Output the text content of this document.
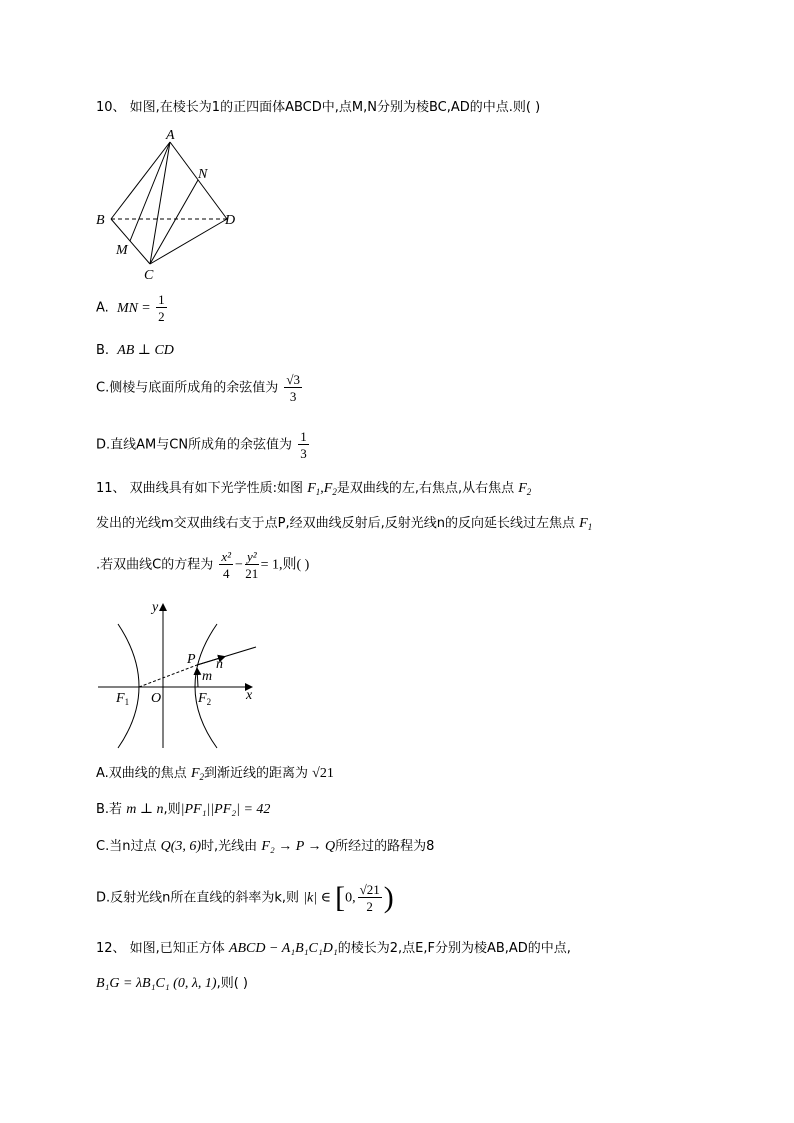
10、 如图,在棱长为1的正四面体ABCD中,点M,N分别为棱BC,AD的中点.则( )
A
B
C
D
M
N
A. MN = $\frac{1}{2}$
B. AB ⊥ CD
C.侧棱与底面所成角的余弦值为 $\frac{√3}{3}$
D.直线AM与CN所成角的余弦值为 $\frac{1}{3}$
11、 双曲线具有如下光学性质:如图 $F_1,F_2$是双曲线的左,右焦点,从右焦点 $F_2$
发出的光线m交双曲线右支于点P,经双曲线反射后,反射光线n的反向延长线过左焦点 $F_1$
.若双曲线C的方程为 $\frac{\text{x²}}{4} - \frac{\text{y²}}{21} = 1$,则( )
y
x
P
m
n
O
$F_1$	$F_2$
A.双曲线的焦点 $F_2$到渐近线的距离为 √21
B.若 m ⊥ n,则|PF₁||PF₂| = 42
C.当n过点 Q(3, 6)时,光线由 F₂ → P → Q所经过的路程为8
D.反射光线n所在直线的斜率为k,则 |k| ∈ [0, $\frac{√21}{2}$ )
12、 如图,已知正方体 ABCD − A₁B₁C₁D₁的棱长为2,点E,F分别为棱AB,AD的中点,
B₁G = λB₁C₁ (0, λ, 1),则( )
